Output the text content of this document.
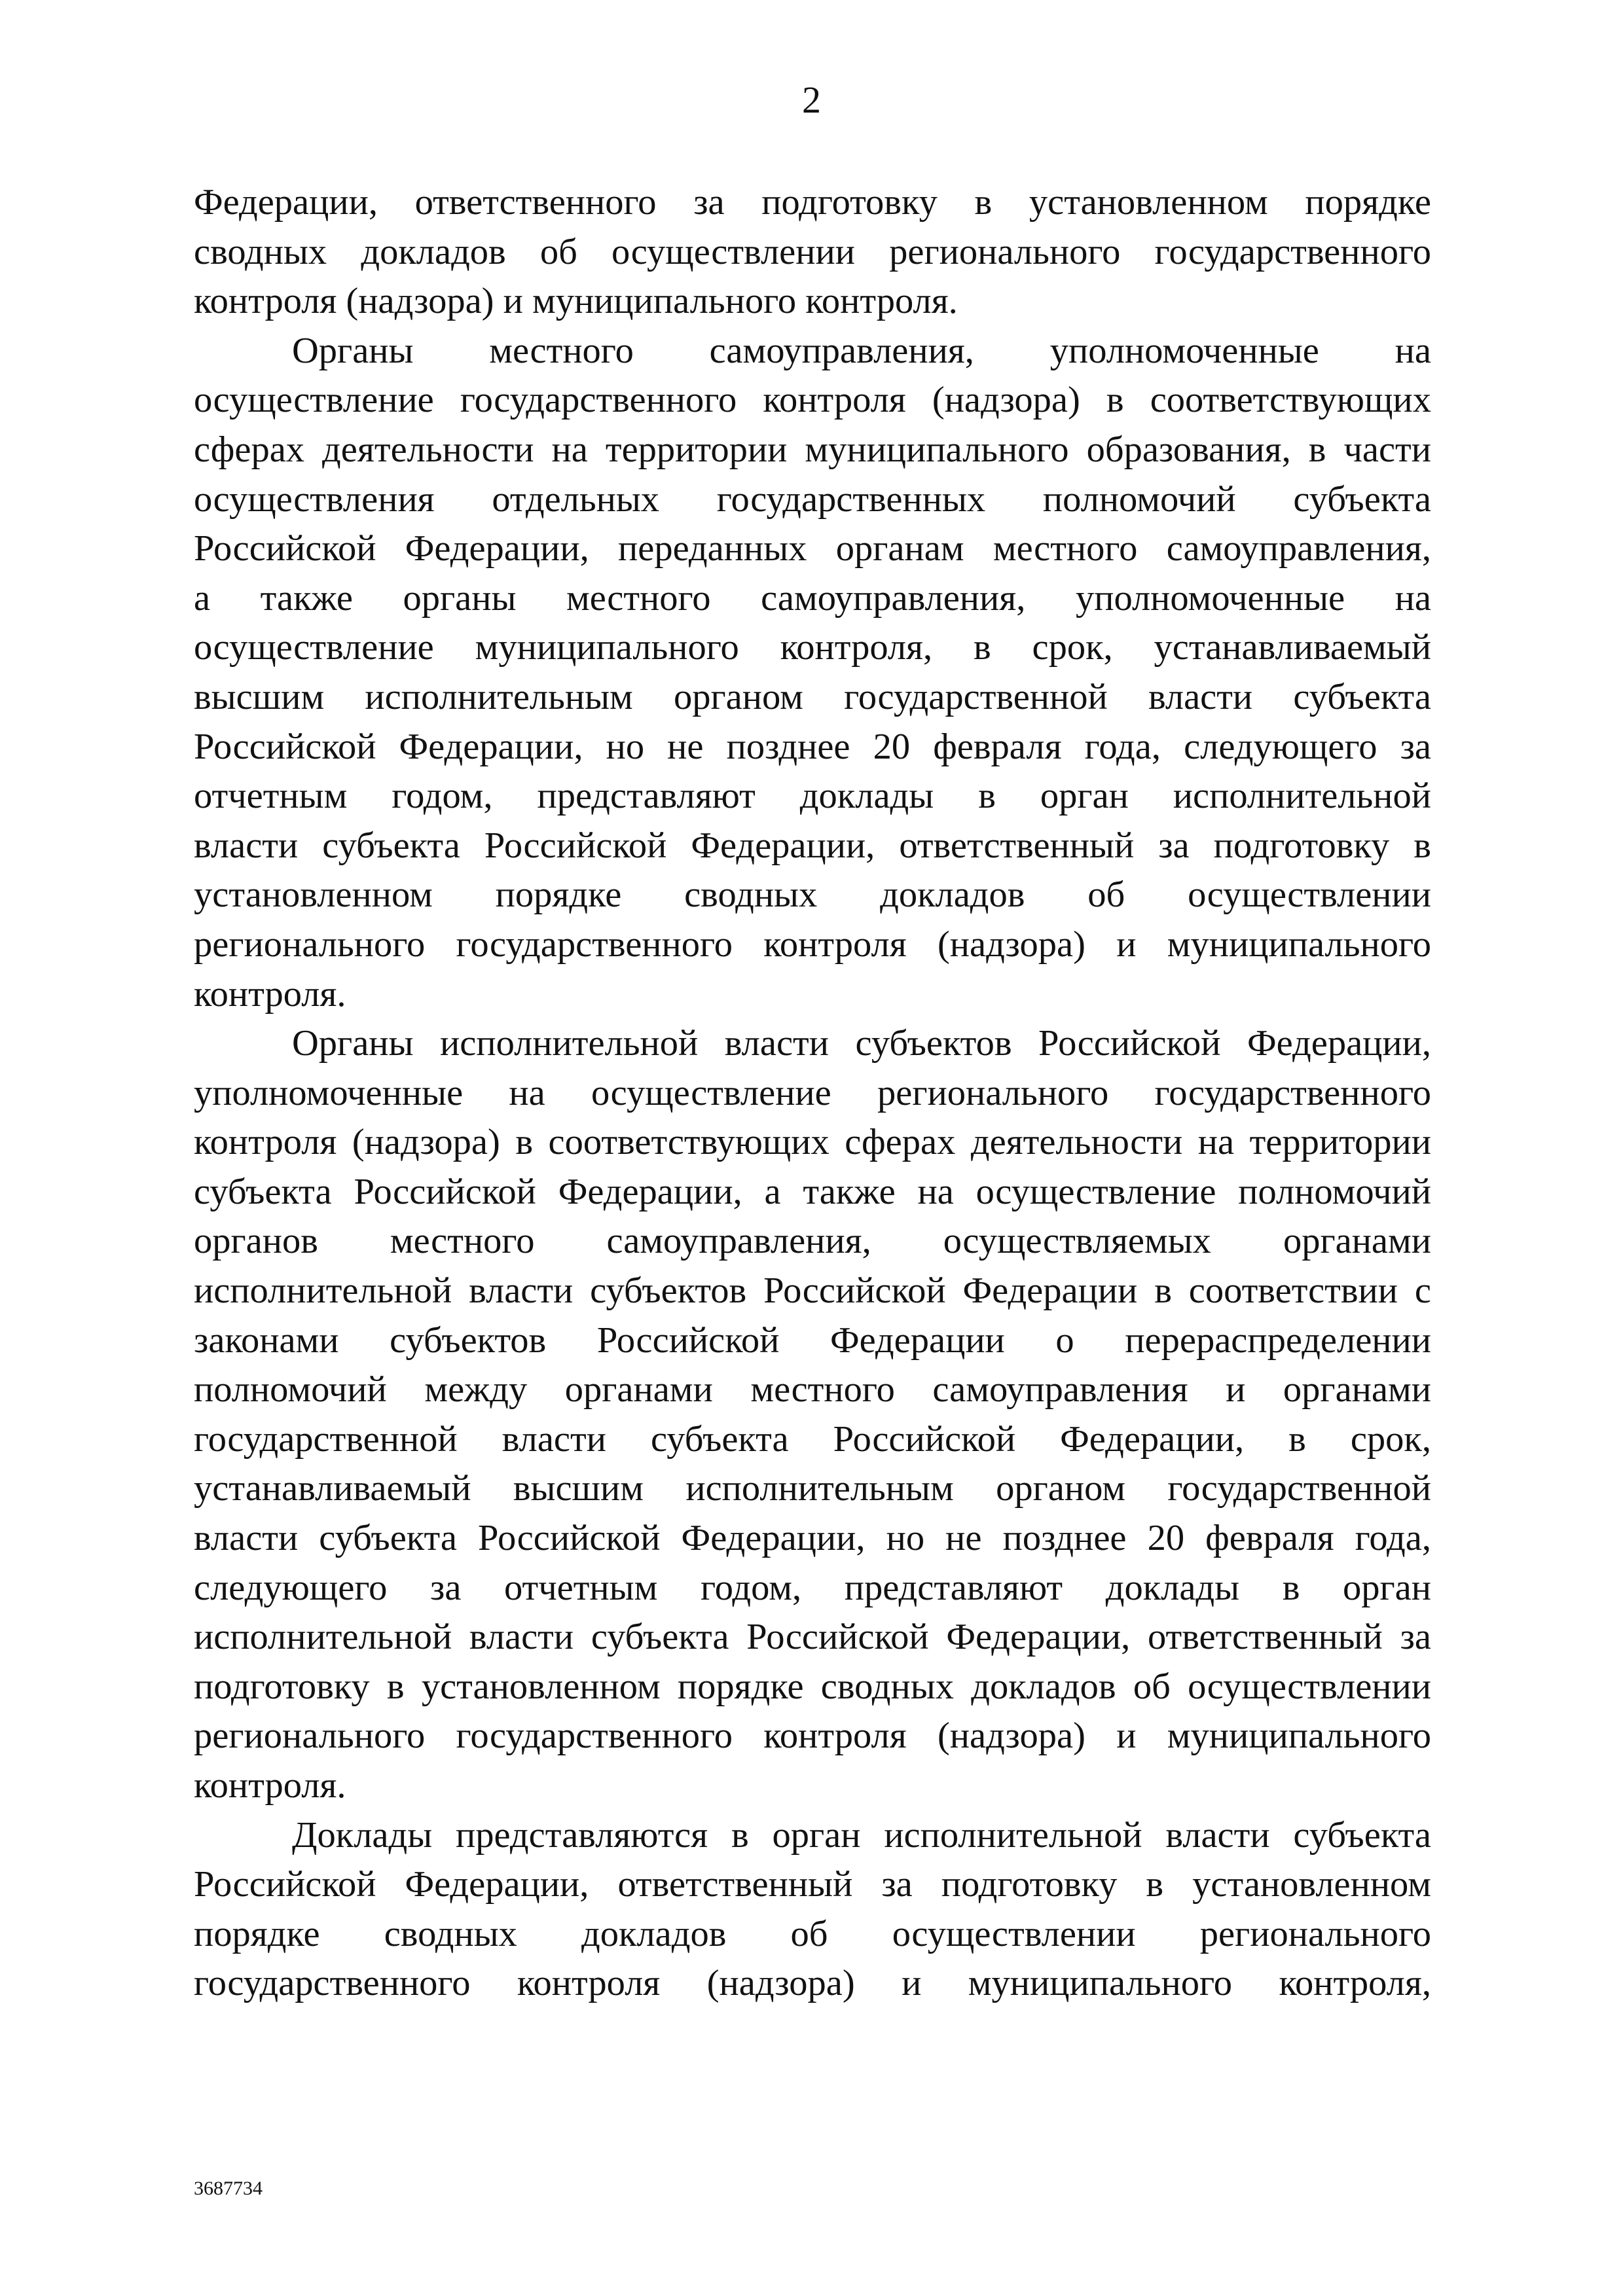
2
Федерации, ответственного за подготовку в установленном порядке
сводных докладов об осуществлении регионального государственного
контроля (надзора) и муниципального контроля.
Органы местного самоуправления, уполномоченные на
осуществление государственного контроля (надзора) в соответствующих
сферах деятельности на территории муниципального образования, в части
осуществления отдельных государственных полномочий субъекта
Российской Федерации, переданных органам местного самоуправления,
а также органы местного самоуправления, уполномоченные на
осуществление муниципального контроля, в срок, устанавливаемый
высшим исполнительным органом государственной власти субъекта
Российской Федерации, но не позднее 20 февраля года, следующего за
отчетным годом, представляют доклады в орган исполнительной
власти субъекта Российской Федерации, ответственный за подготовку в
установленном порядке сводных докладов об осуществлении
регионального государственного контроля (надзора) и муниципального
контроля.
Органы исполнительной власти субъектов Российской Федерации,
уполномоченные на осуществление регионального государственного
контроля (надзора) в соответствующих сферах деятельности на территории
субъекта Российской Федерации, а также на осуществление полномочий
органов местного самоуправления, осуществляемых органами
исполнительной власти субъектов Российской Федерации в соответствии с
законами субъектов Российской Федерации о перераспределении
полномочий между органами местного самоуправления и органами
государственной власти субъекта Российской Федерации, в срок,
устанавливаемый высшим исполнительным органом государственной
власти субъекта Российской Федерации, но не позднее 20 февраля года,
следующего за отчетным годом, представляют доклады в орган
исполнительной власти субъекта Российской Федерации, ответственный за
подготовку в установленном порядке сводных докладов об осуществлении
регионального государственного контроля (надзора) и муниципального
контроля.
Доклады представляются в орган исполнительной власти субъекта
Российской Федерации, ответственный за подготовку в установленном
порядке сводных докладов об осуществлении регионального
государственного контроля (надзора) и муниципального контроля,
3687734
